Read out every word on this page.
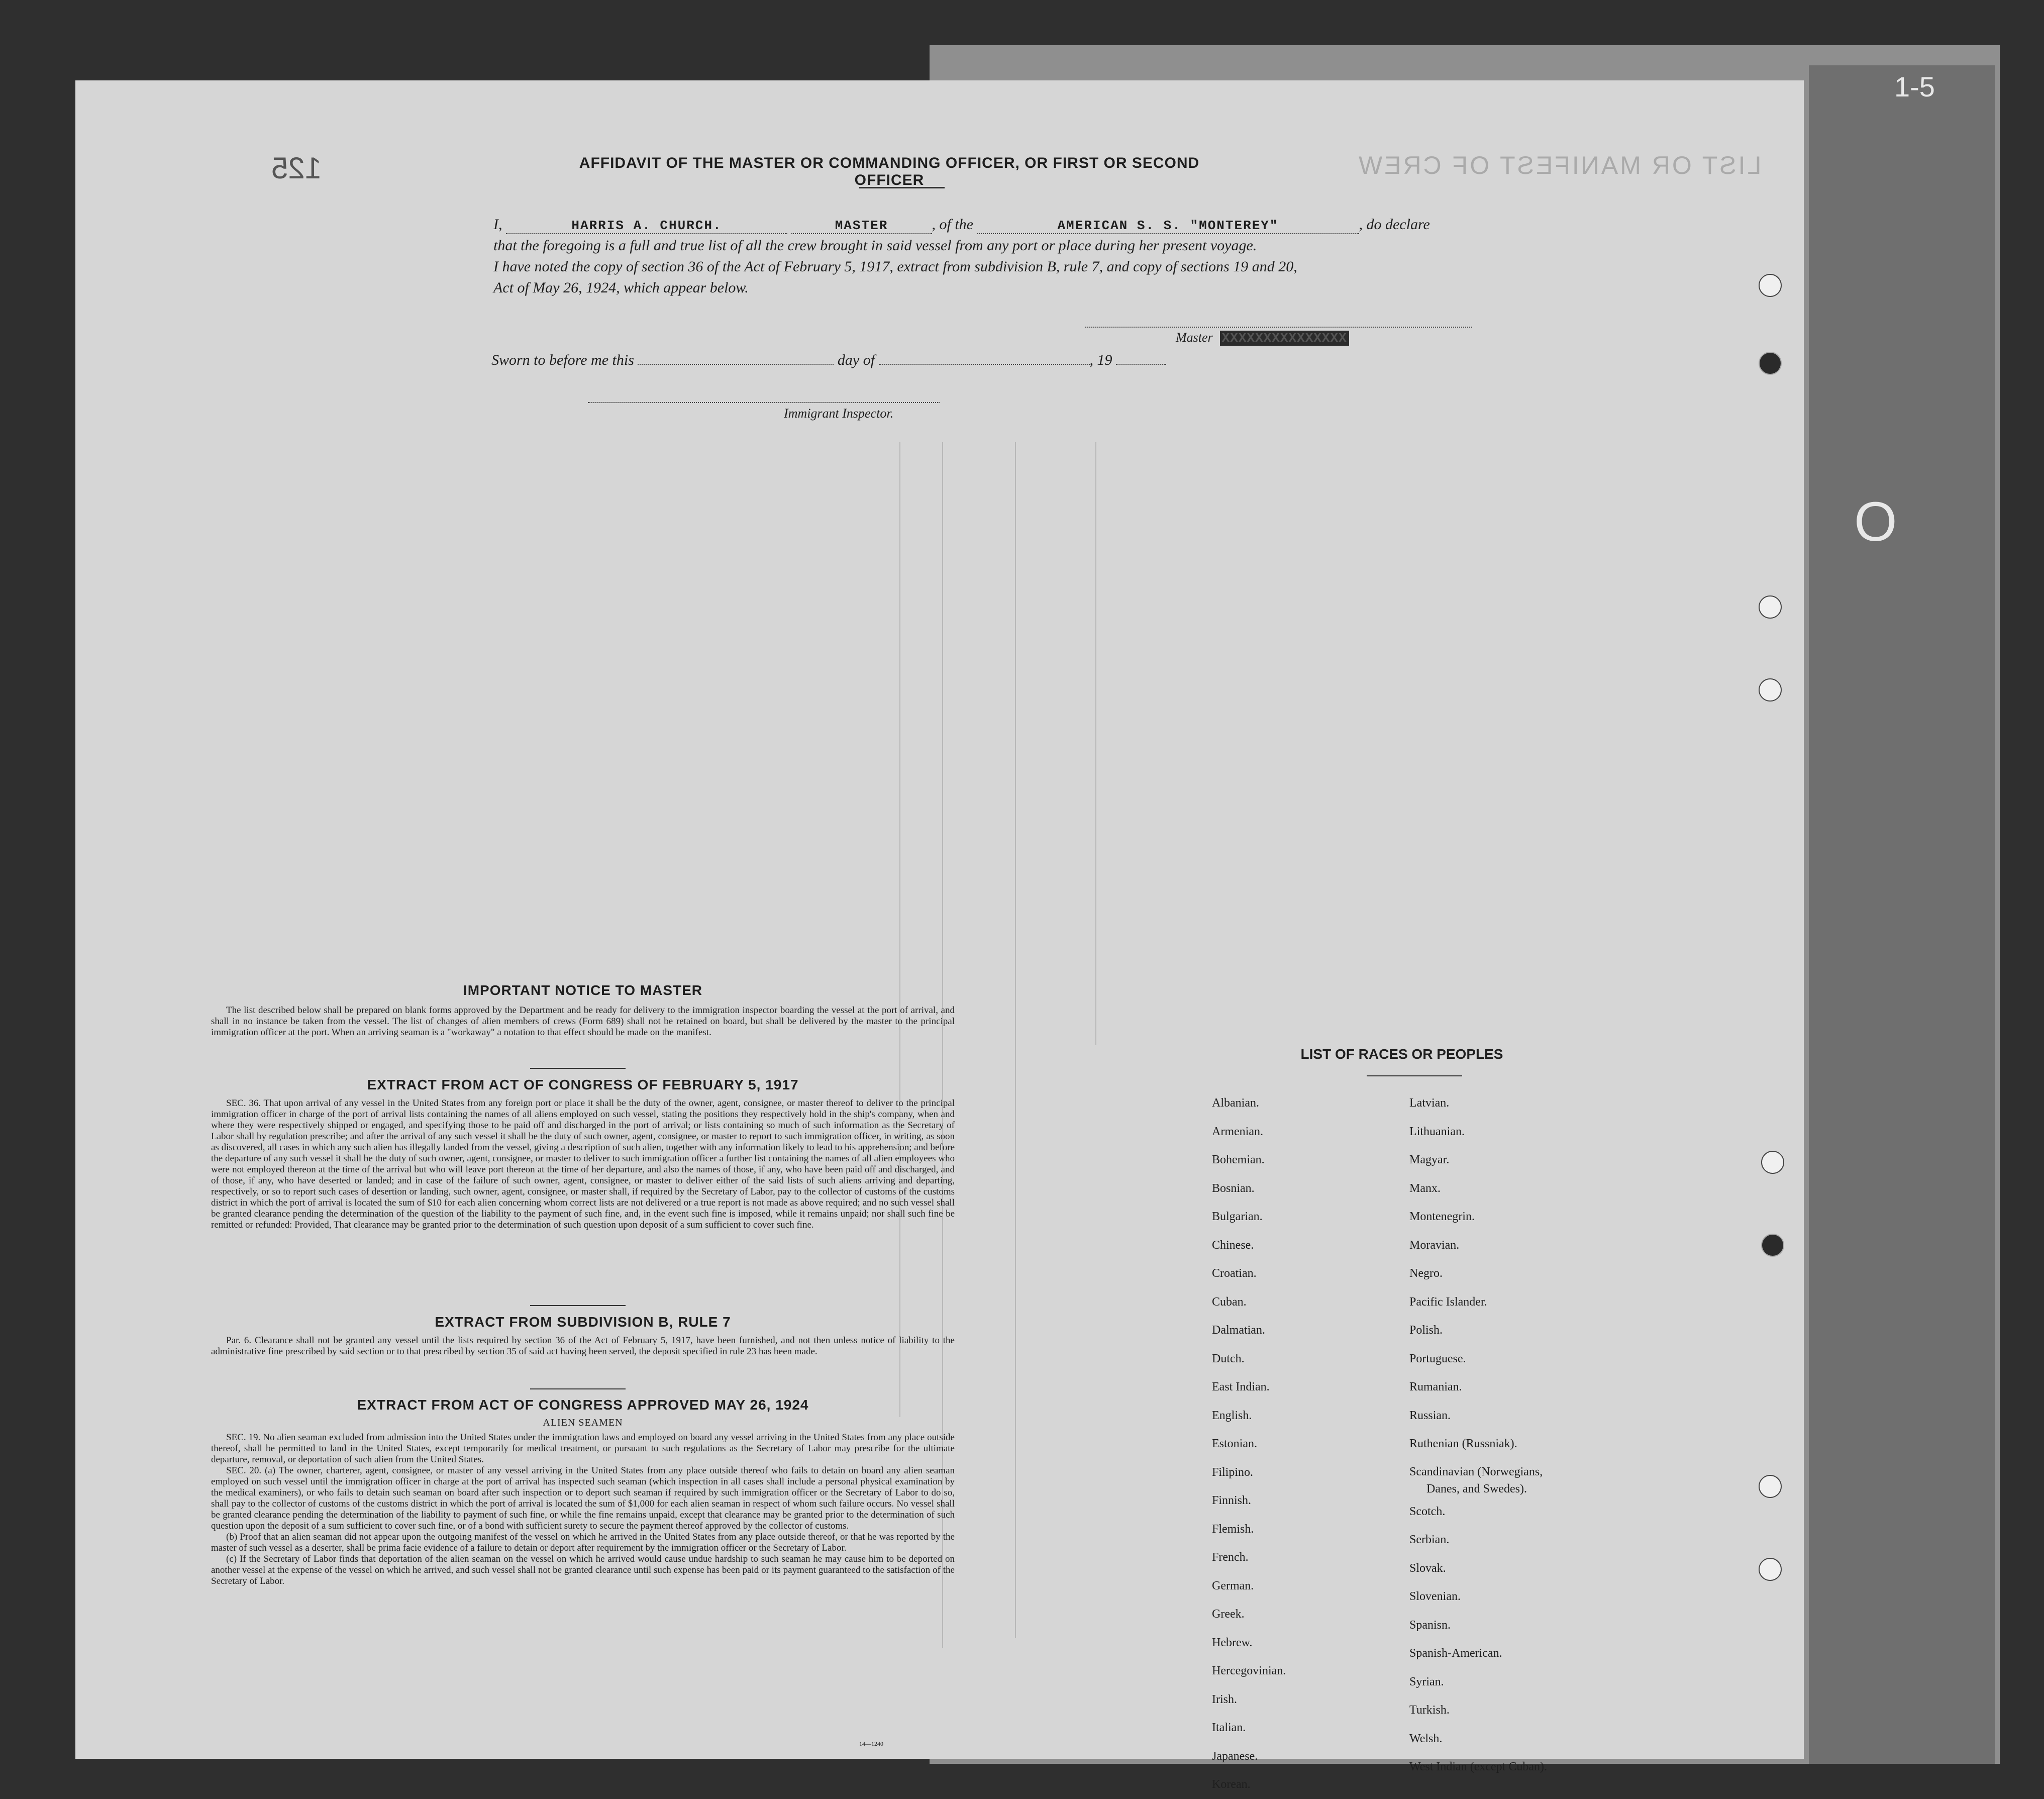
LIST OR MANIFEST OF CREW
125	AFFIDAVIT OF THE MASTER OR COMMANDING OFFICER, OR FIRST OR SECOND OFFICER
I,	HARRIS A. CHURCH.	MASTER	, of the	AMERICAN S. S. "MONTEREY"	, do declare
that the foregoing is a full and true list of all the crew brought in said vessel from any port or place during her present voyage.
I have noted the copy of section 36 of the Act of February 5, 1917, extract from subdivision B, rule 7, and copy of sections 19 and 20,
Act of May 26, 1924, which appear below.
Master XXXXXXXXXXXXXXX
Sworn to before me this	day of	, 19
Immigrant Inspector.
IMPORTANT NOTICE TO MASTER

The list described below shall be prepared on blank forms approved by the Department and be ready for delivery to the immigration inspector boarding the vessel at the port of arrival, and shall in no instance be taken from the vessel. The list of changes of alien members of crews (Form 689) shall not be retained on board, but shall be delivered by the master to the principal immigration officer at the port. When an arriving seaman is a "workaway" a notation to that effect should be made on the manifest.

EXTRACT FROM ACT OF CONGRESS OF FEBRUARY 5, 1917

SEC. 36. That upon arrival of any vessel in the United States from any foreign port or place it shall be the duty of the owner, agent, consignee, or master thereof to deliver to the principal immigration officer in charge of the port of arrival lists containing the names of all aliens employed on such vessel, stating the positions they respectively hold in the ship's company, when and where they were respectively shipped or engaged, and specifying those to be paid off and discharged in the port of arrival; or lists containing so much of such information as the Secretary of Labor shall by regulation prescribe; and after the arrival of any such vessel it shall be the duty of such owner, agent, consignee, or master to report to such immigration officer, in writing, as soon as discovered, all cases in which any such alien has illegally landed from the vessel, giving a description of such alien, together with any information likely to lead to his apprehension; and before the departure of any such vessel it shall be the duty of such owner, agent, consignee, or master to deliver to such immigration officer a further list containing the names of all alien employees who were not employed thereon at the time of the arrival but who will leave port thereon at the time of her departure, and also the names of those, if any, who have been paid off and discharged, and of those, if any, who have deserted or landed; and in case of the failure of such owner, agent, consignee, or master to deliver either of the said lists of such aliens arriving and departing, respectively, or so to report such cases of desertion or landing, such owner, agent, consignee, or master shall, if required by the Secretary of Labor, pay to the collector of customs of the customs district in which the port of arrival is located the sum of $10 for each alien concerning whom correct lists are not delivered or a true report is not made as above required; and no such vessel shall be granted clearance pending the determination of the question of the liability to the payment of such fine, and, in the event such fine is imposed, while it remains unpaid; nor shall such fine be remitted or refunded: Provided, That clearance may be granted prior to the determination of such question upon deposit of a sum sufficient to cover such fine.

EXTRACT FROM SUBDIVISION B, RULE 7

Par. 6. Clearance shall not be granted any vessel until the lists required by section 36 of the Act of February 5, 1917, have been furnished, and not then unless notice of liability to the administrative fine prescribed by said section or to that prescribed by section 35 of said act having been served, the deposit specified in rule 23 has been made.

EXTRACT FROM ACT OF CONGRESS APPROVED MAY 26, 1924
ALIEN SEAMEN

SEC. 19. No alien seaman excluded from admission into the United States under the immigration laws and employed on board any vessel arriving in the United States from any place outside thereof, shall be permitted to land in the United States, except temporarily for medical treatment, or pursuant to such regulations as the Secretary of Labor may prescribe for the ultimate departure, removal, or deportation of such alien from the United States.

SEC. 20. (a) The owner, charterer, agent, consignee, or master of any vessel arriving in the United States from any place outside thereof who fails to detain on board any alien seaman employed on such vessel until the immigration officer in charge at the port of arrival has inspected such seaman (which inspection in all cases shall include a personal physical examination by the medical examiners), or who fails to detain such seaman on board after such inspection or to deport such seaman if required by such immigration officer or the Secretary of Labor to do so, shall pay to the collector of customs of the customs district in which the port of arrival is located the sum of $1,000 for each alien seaman in respect of whom such failure occurs. No vessel shall be granted clearance pending the determination of the liability to payment of such fine, or while the fine remains unpaid, except that clearance may be granted prior to the determination of such question upon the deposit of a sum sufficient to cover such fine, or of a bond with sufficient surety to secure the payment thereof approved by the collector of customs.

(b) Proof that an alien seaman did not appear upon the outgoing manifest of the vessel on which he arrived in the United States from any place outside thereof, or that he was reported by the master of such vessel as a deserter, shall be prima facie evidence of a failure to detain or deport after requirement by the immigration officer or the Secretary of Labor.

(c) If the Secretary of Labor finds that deportation of the alien seaman on the vessel on which he arrived would cause undue hardship to such seaman he may cause him to be deported on another vessel at the expense of the vessel on which he arrived, and such vessel shall not be granted clearance until such expense has been paid or its payment guaranteed to the satisfaction of the Secretary of Labor.

14—1240
LIST OF RACES OR PEOPLES
Albanian.
Armenian.
Bohemian.
Bosnian.
Bulgarian.
Chinese.
Croatian.
Cuban.
Dalmatian.
Dutch.
East Indian.
English.
Estonian.
Filipino.
Finnish.
Flemish.
French.
German.
Greek.
Hebrew.
Hercegovinian.
Irish.
Italian.
Japanese.
Korean.
Latvian.
Lithuanian.
Magyar.
Manx.
Montenegrin.
Moravian.
Negro.
Pacific Islander.
Polish.
Portuguese.
Rumanian.
Russian.
Ruthenian (Russniak).
Scandinavian (Norwegians,
Danes, and Swedes).
Scotch.
Serbian.
Slovak.
Slovenian.
Spanisn.
Spanish-American.
Syrian.
Turkish.
Welsh.
West Indian (except Cuban).
1-5
O
